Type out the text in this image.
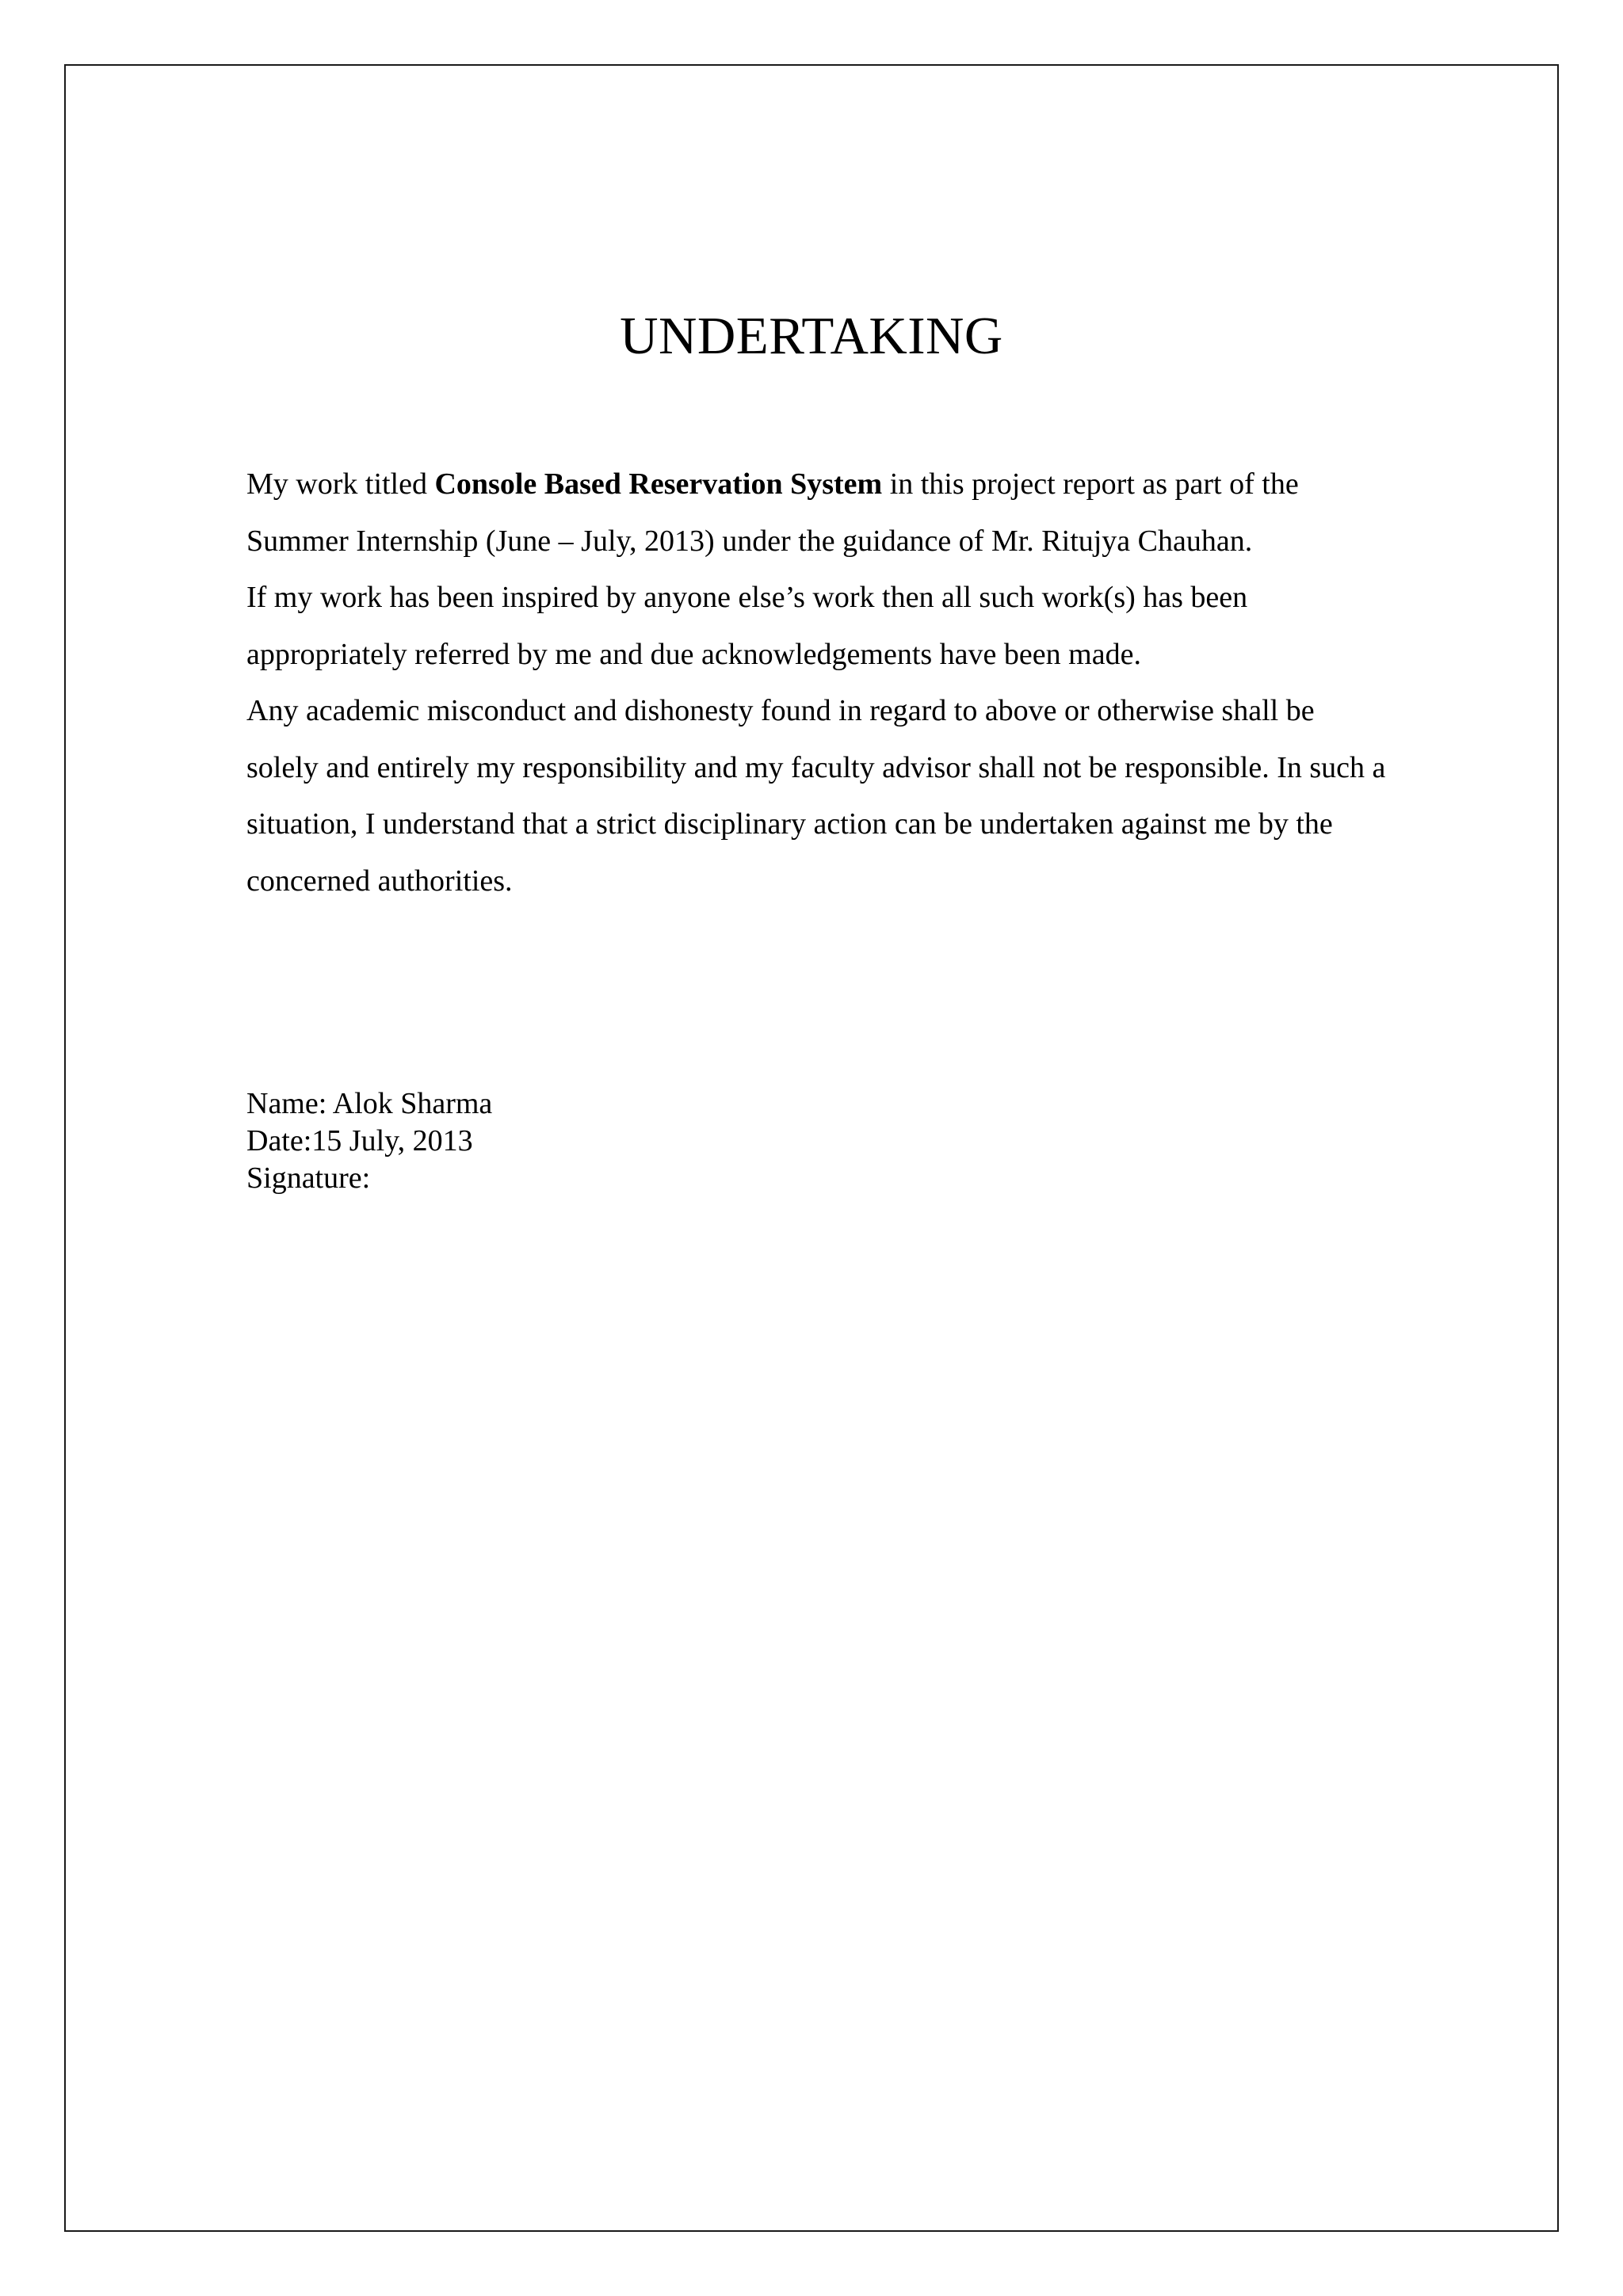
UNDERTAKING

My work titled Console Based Reservation System in this project report as part of the Summer Internship (June – July, 2013) under the guidance of Mr. Ritujya Chauhan.

If my work has been inspired by anyone else’s work then all such work(s) has been appropriately referred by me and due acknowledgements have been made.

Any academic misconduct and dishonesty found in regard to above or otherwise shall be solely and entirely my responsibility and my faculty advisor shall not be responsible. In such a situation, I understand that a strict disciplinary action can be undertaken against me by the concerned authorities.

Name: Alok Sharma
Date:15 July, 2013
Signature:
